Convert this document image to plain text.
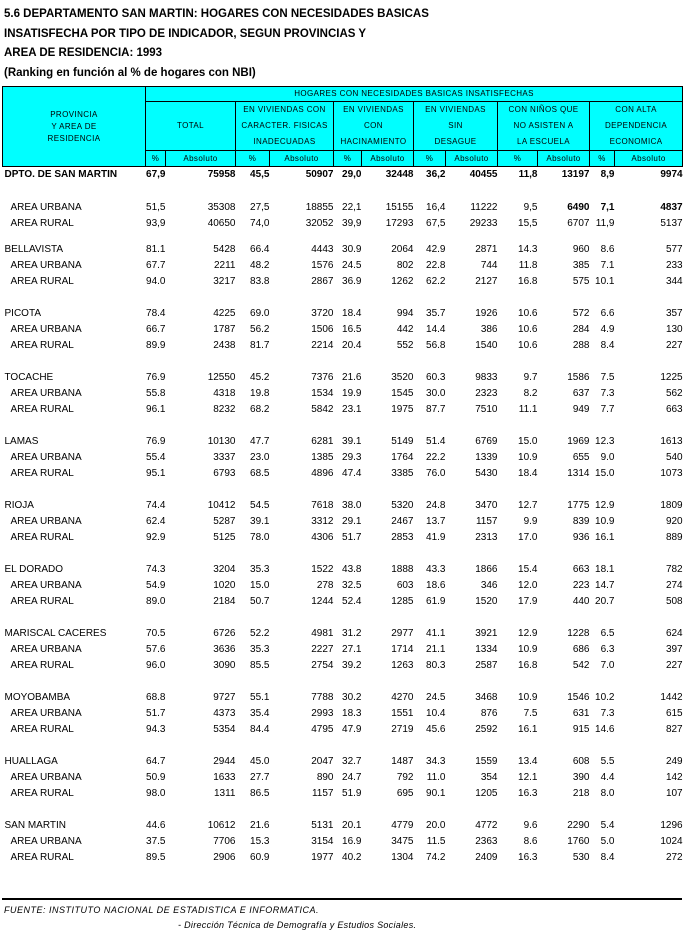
5.6 DEPARTAMENTO SAN MARTIN: HOGARES CON NECESIDADES BASICAS
INSATISFECHA POR TIPO DE INDICADOR, SEGUN PROVINCIAS Y
AREA DE RESIDENCIA: 1993
(Ranking en función al % de hogares con NBI)
PROVINCIA
Y AREA DE
RESIDENCIA	HOGARES CON NECESIDADES BASICAS INSATISFECHAS											

	TOTAL		EN VIVIENDAS CON
CARACTER. FISICAS
INADECUADAS		EN VIVIENDAS
CON
HACINAMIENTO		EN VIVIENDAS
SIN
DESAGUE		CON NIÑOS QUE
NO ASISTEN A
LA ESCUELA		CON ALTA
DEPENDENCIA
ECONOMICA	

	%	Absoluto	%	Absoluto	%	Absoluto	%	Absoluto	%	Absoluto	%	Absoluto
DPTO. DE SAN MARTIN	67,9	75958	45,5	50907	29,0	32448	36,2	40455	11,8	13197	8,9	9974

AREA URBANA	51,5	35308	27,5	18855	22,1	15155	16,4	11222	9,5	6490	7,1	4837
AREA RURAL	93,9	40650	74,0	32052	39,9	17293	67,5	29233	15,5	6707	11,9	5137

BELLAVISTA	81.1	5428	66.4	4443	30.9	2064	42.9	2871	14.3	960	8.6	577
AREA URBANA	67.7	2211	48.2	1576	24.5	802	22.8	744	11.8	385	7.1	233
AREA RURAL	94.0	3217	83.8	2867	36.9	1262	62.2	2127	16.8	575	10.1	344

PICOTA	78.4	4225	69.0	3720	18.4	994	35.7	1926	10.6	572	6.6	357
AREA URBANA	66.7	1787	56.2	1506	16.5	442	14.4	386	10.6	284	4.9	130
AREA RURAL	89.9	2438	81.7	2214	20.4	552	56.8	1540	10.6	288	8.4	227

TOCACHE	76.9	12550	45.2	7376	21.6	3520	60.3	9833	9.7	1586	7.5	1225
AREA URBANA	55.8	4318	19.8	1534	19.9	1545	30.0	2323	8.2	637	7.3	562
AREA RURAL	96.1	8232	68.2	5842	23.1	1975	87.7	7510	11.1	949	7.7	663

LAMAS	76.9	10130	47.7	6281	39.1	5149	51.4	6769	15.0	1969	12.3	1613
AREA URBANA	55.4	3337	23.0	1385	29.3	1764	22.2	1339	10.9	655	9.0	540
AREA RURAL	95.1	6793	68.5	4896	47.4	3385	76.0	5430	18.4	1314	15.0	1073

RIOJA	74.4	10412	54.5	7618	38.0	5320	24.8	3470	12.7	1775	12.9	1809
AREA URBANA	62.4	5287	39.1	3312	29.1	2467	13.7	1157	9.9	839	10.9	920
AREA RURAL	92.9	5125	78.0	4306	51.7	2853	41.9	2313	17.0	936	16.1	889

EL DORADO	74.3	3204	35.3	1522	43.8	1888	43.3	1866	15.4	663	18.1	782
AREA URBANA	54.9	1020	15.0	278	32.5	603	18.6	346	12.0	223	14.7	274
AREA RURAL	89.0	2184	50.7	1244	52.4	1285	61.9	1520	17.9	440	20.7	508

MARISCAL CACERES	70.5	6726	52.2	4981	31.2	2977	41.1	3921	12.9	1228	6.5	624
AREA URBANA	57.6	3636	35.3	2227	27.1	1714	21.1	1334	10.9	686	6.3	397
AREA RURAL	96.0	3090	85.5	2754	39.2	1263	80.3	2587	16.8	542	7.0	227

MOYOBAMBA	68.8	9727	55.1	7788	30.2	4270	24.5	3468	10.9	1546	10.2	1442
AREA URBANA	51.7	4373	35.4	2993	18.3	1551	10.4	876	7.5	631	7.3	615
AREA RURAL	94.3	5354	84.4	4795	47.9	2719	45.6	2592	16.1	915	14.6	827

HUALLAGA	64.7	2944	45.0	2047	32.7	1487	34.3	1559	13.4	608	5.5	249
AREA URBANA	50.9	1633	27.7	890	24.7	792	11.0	354	12.1	390	4.4	142
AREA RURAL	98.0	1311	86.5	1157	51.9	695	90.1	1205	16.3	218	8.0	107

SAN MARTIN	44.6	10612	21.6	5131	20.1	4779	20.0	4772	9.6	2290	5.4	1296
AREA URBANA	37.5	7706	15.3	3154	16.9	3475	11.5	2363	8.6	1760	5.0	1024
AREA RURAL	89.5	2906	60.9	1977	40.2	1304	74.2	2409	16.3	530	8.4	272
FUENTE: INSTITUTO NACIONAL DE ESTADISTICA E INFORMATICA.
- Dirección Técnica de Demografía y Estudios Sociales.
